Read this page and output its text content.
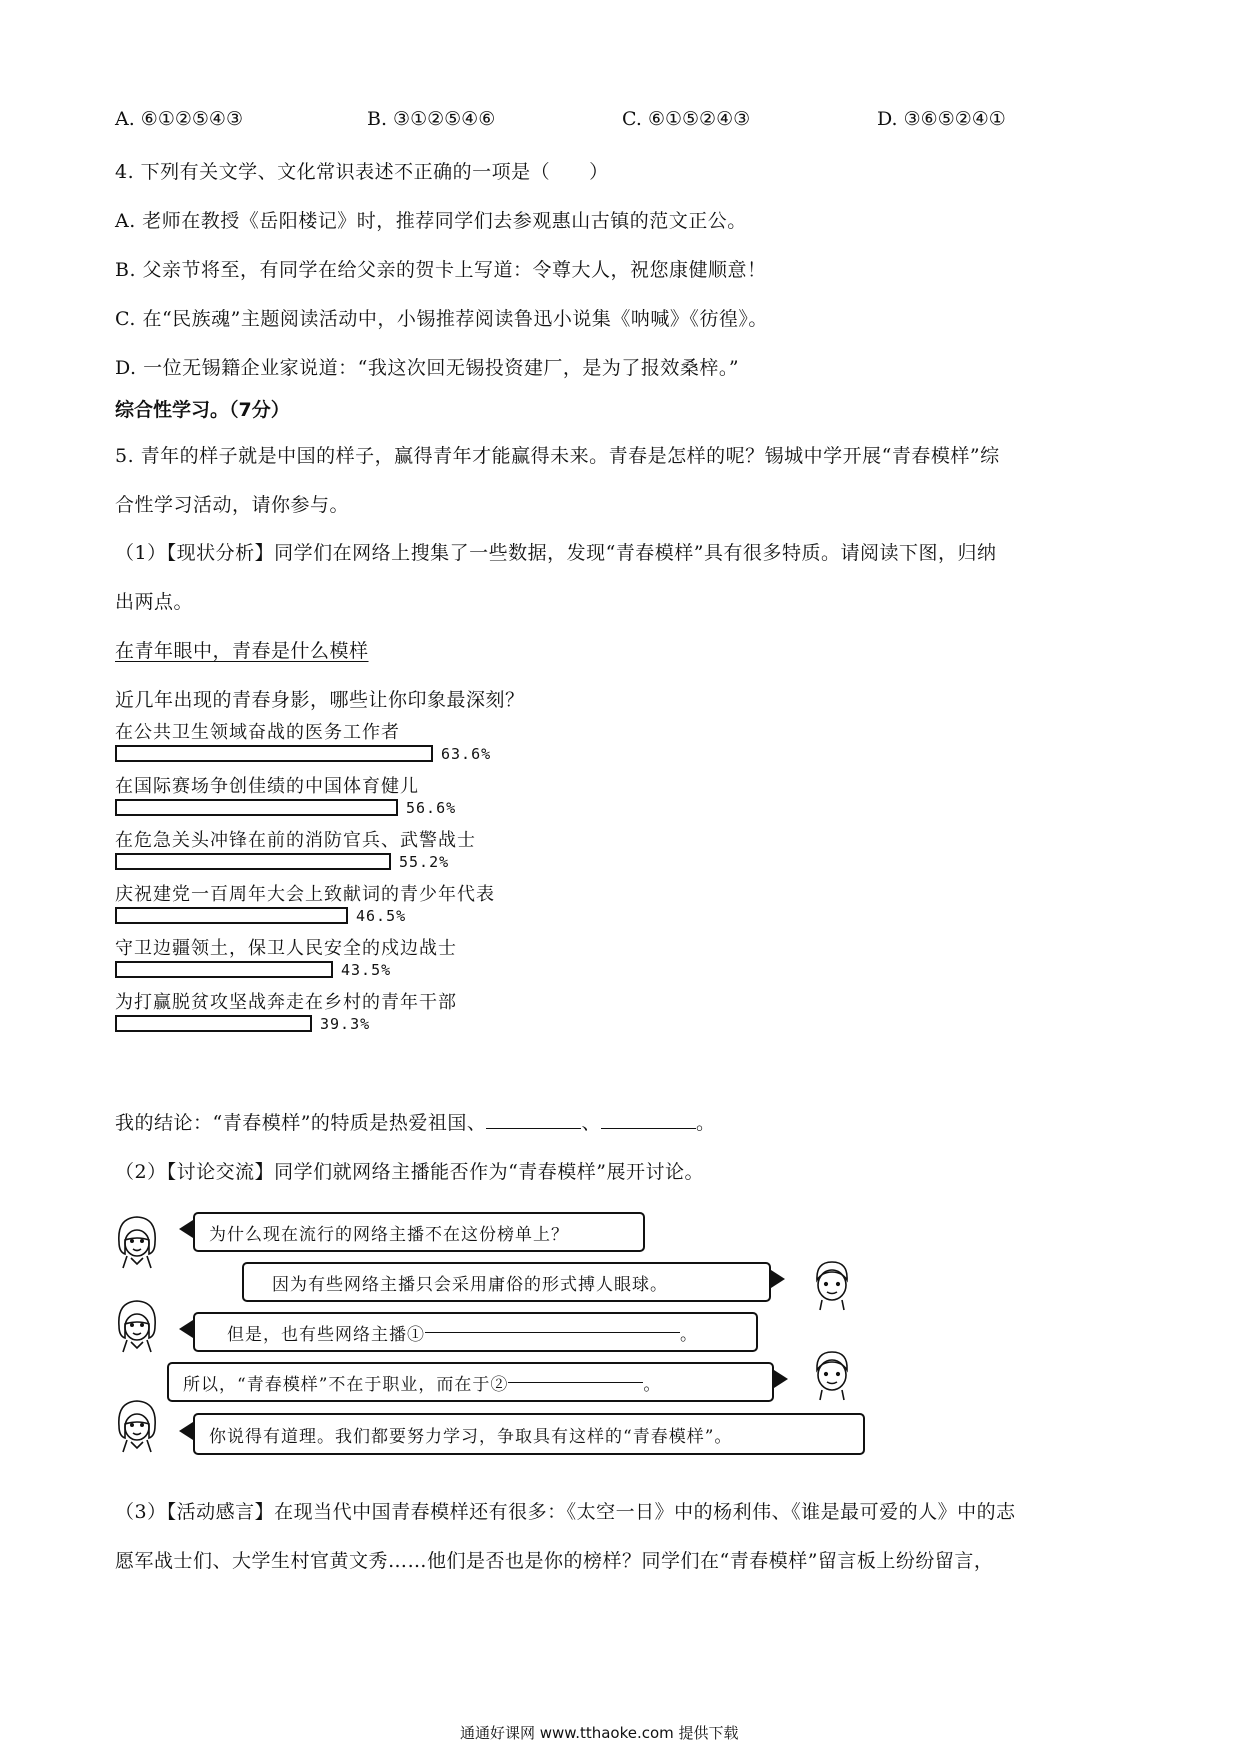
A. ⑥①②⑤④③	B. ③①②⑤④⑥	C. ⑥①⑤②④③	D. ③⑥⑤②④①
4. 下列有关文学、文化常识表述不正确的一项是（　　）
A. 老师在教授《岳阳楼记》时，推荐同学们去参观惠山古镇的范文正公。
B. 父亲节将至，有同学在给父亲的贺卡上写道：令尊大人，祝您康健顺意！
C. 在“民族魂”主题阅读活动中，小锡推荐阅读鲁迅小说集《呐喊》《彷徨》。
D. 一位无锡籍企业家说道：“我这次回无锡投资建厂，是为了报效桑梓。”
综合性学习。（7分）
5. 青年的样子就是中国的样子，赢得青年才能赢得未来。青春是怎样的呢？锡城中学开展“青春模样”综
合性学习活动，请你参与。
（1）【现状分析】同学们在网络上搜集了一些数据，发现“青春模样”具有很多特质。请阅读下图，归纳
出两点。
在青年眼中，青春是什么模样
近几年出现的青春身影，哪些让你印象最深刻？
在公共卫生领域奋战的医务工作者
63.6%
在国际赛场争创佳绩的中国体育健儿
56.6%
在危急关头冲锋在前的消防官兵、武警战士
55.2%
庆祝建党一百周年大会上致献词的青少年代表
46.5%
守卫边疆领土，保卫人民安全的戍边战士
43.5%
为打赢脱贫攻坚战奔走在乡村的青年干部
39.3%
我的结论：“青春模样”的特质是热爱祖国、	、	。
（2）【讨论交流】同学们就网络主播能否作为“青春模样”展开讨论。
为什么现在流行的网络主播不在这份榜单上？
因为有些网络主播只会采用庸俗的形式搏人眼球。
但是，也有些网络主播①	。
所以，“青春模样”不在于职业，而在于②	。
你说得有道理。我们都要努力学习，争取具有这样的“青春模样”。
（3）【活动感言】在现当代中国青春模样还有很多：《太空一日》中的杨利伟、《谁是最可爱的人》中的志
愿军战士们、大学生村官黄文秀……他们是否也是你的榜样？同学们在“青春模样”留言板上纷纷留言，
通通好课网 www.tthaoke.com 提供下载
